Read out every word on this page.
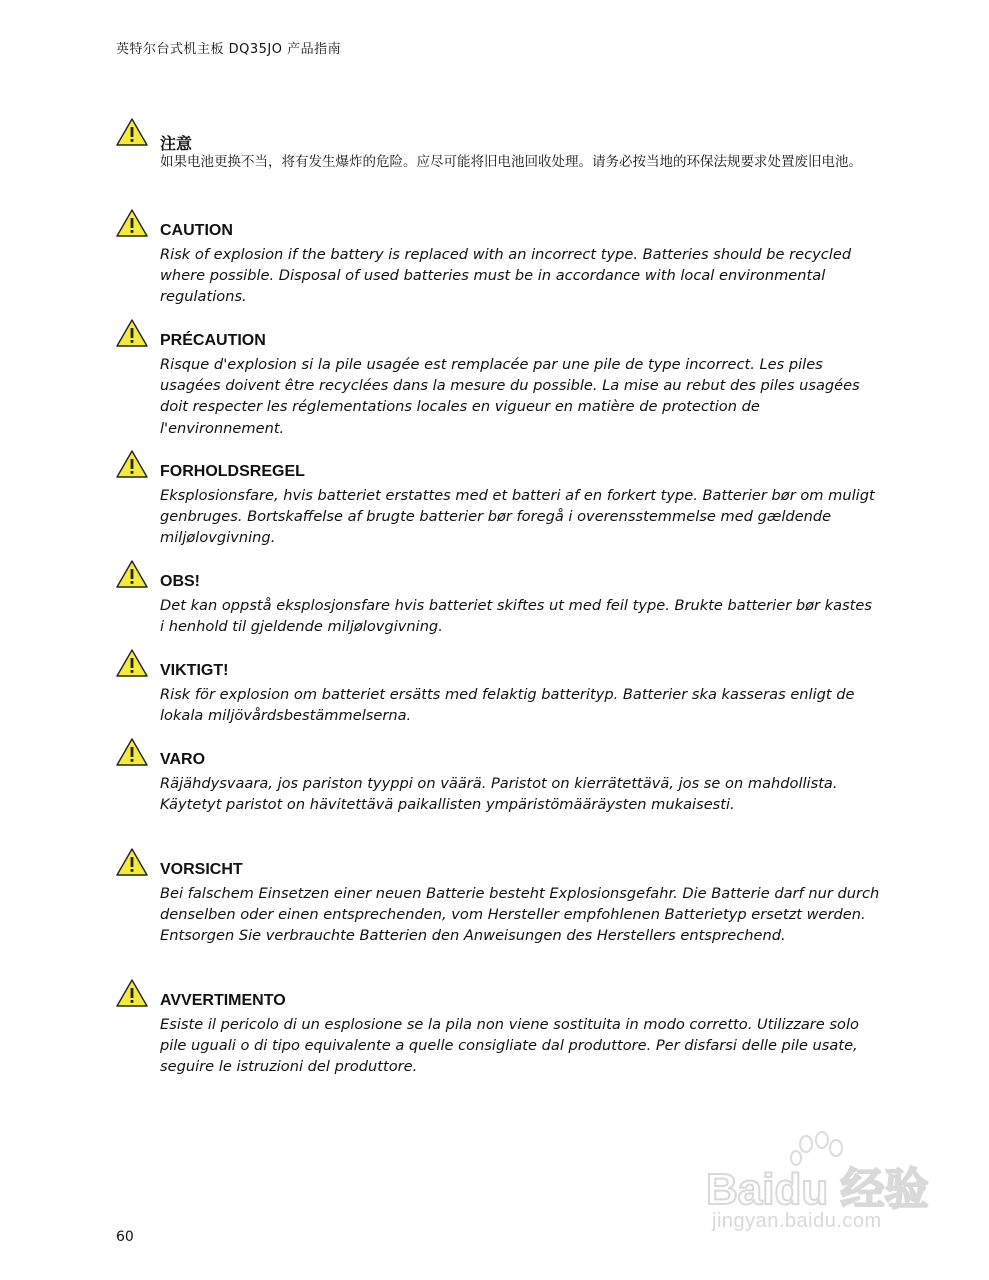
英特尔台式机主板 DQ35JO 产品指南
注意
如果电池更换不当，将有发生爆炸的危险。应尽可能将旧电池回收处理。请务必按当地的环保法规要求处置废旧电池。
CAUTION
Risk of explosion if the battery is replaced with an incorrect type. Batteries should be recycled where possible. Disposal of used batteries must be in accordance with local environmental regulations.
PRÉCAUTION
Risque d'explosion si la pile usagée est remplacée par une pile de type incorrect. Les piles usagées doivent être recyclées dans la mesure du possible. La mise au rebut des piles usagées doit respecter les réglementations locales en vigueur en matière de protection de l'environnement.
FORHOLDSREGEL
Eksplosionsfare, hvis batteriet erstattes med et batteri af en forkert type. Batterier bør om muligt genbruges. Bortskaffelse af brugte batterier bør foregå i overensstemmelse med gældende miljølovgivning.
OBS!
Det kan oppstå eksplosjonsfare hvis batteriet skiftes ut med feil type. Brukte batterier bør kastes i henhold til gjeldende miljølovgivning.
VIKTIGT!
Risk för explosion om batteriet ersätts med felaktig batterityp. Batterier ska kasseras enligt de lokala miljövårdsbestämmelserna.
VARO
Räjähdysvaara, jos pariston tyyppi on väärä. Paristot on kierrätettävä, jos se on mahdollista. Käytetyt paristot on hävitettävä paikallisten ympäristömääräysten mukaisesti.
VORSICHT
Bei falschem Einsetzen einer neuen Batterie besteht Explosionsgefahr. Die Batterie darf nur durch denselben oder einen entsprechenden, vom Hersteller empfohlenen Batterietyp ersetzt werden. Entsorgen Sie verbrauchte Batterien den Anweisungen des Herstellers entsprechend.
AVVERTIMENTO
Esiste il pericolo di un esplosione se la pila non viene sostituita in modo corretto. Utilizzare solo pile uguali o di tipo equivalente a quelle consigliate dal produttore. Per disfarsi delle pile usate, seguire le istruzioni del produttore.
60
Baidu 经验
jingyan.baidu.com
